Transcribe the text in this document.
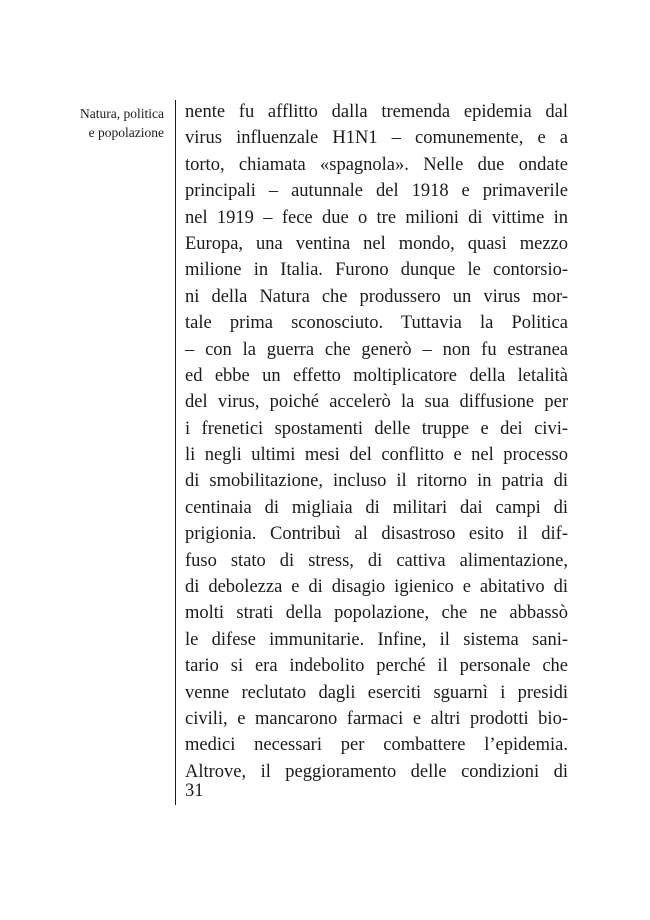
Natura, politica
e popolazione
nente fu afflitto dalla tremenda epidemia dal
virus influenzale H1N1 – comunemente, e a
torto, chiamata «spagnola». Nelle due ondate
principali – autunnale del 1918 e primaverile
nel 1919 – fece due o tre milioni di vittime in
Europa, una ventina nel mondo, quasi mezzo
milione in Italia. Furono dunque le contorsio-
ni della Natura che produssero un virus mor-
tale prima sconosciuto. Tuttavia la Politica
– con la guerra che generò – non fu estranea
ed ebbe un effetto moltiplicatore della letalità
del virus, poiché accelerò la sua diffusione per
i frenetici spostamenti delle truppe e dei civi-
li negli ultimi mesi del conflitto e nel processo
di smobilitazione, incluso il ritorno in patria di
centinaia di migliaia di militari dai campi di
prigionia. Contribuì al disastroso esito il dif-
fuso stato di stress, di cattiva alimentazione,
di debolezza e di disagio igienico e abitativo di
molti strati della popolazione, che ne abbassò
le difese immunitarie. Infine, il sistema sani-
tario si era indebolito perché il personale che
venne reclutato dagli eserciti sguarnì i presidi
civili, e mancarono farmaci e altri prodotti bio-
medici necessari per combattere l’epidemia.
Altrove, il peggioramento delle condizioni di
31
